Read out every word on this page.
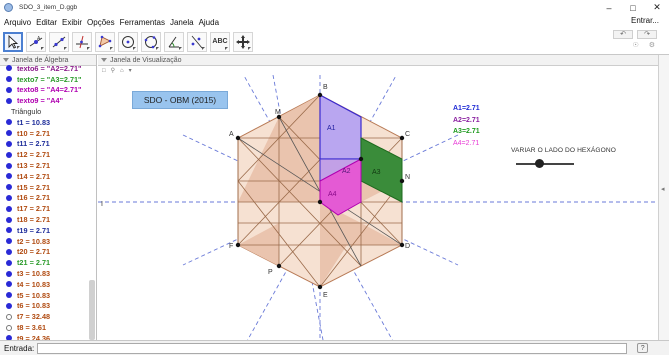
SDO_3_item_D.ggb	–	□	✕
Arquivo Editar Exibir Opções Ferramentas Janela Ajuda	Entrar...
A	ABC
↶	↷
☉ ⚙
Janela de Álgebra
texto6 = "A2=2.71"
texto7 = "A3=2.71"
texto8 = "A4=2.71"
texto9 = "A4"
Triângulo
t1 = 10.83
t10 = 2.71
t11 = 2.71
t12 = 2.71
t13 = 2.71
t14 = 2.71
t15 = 2.71
t16 = 2.71
t17 = 2.71
t18 = 2.71
t19 = 2.71
t2 = 10.83
t20 = 2.71
t21 = 2.71
t3 = 10.83
t4 = 10.83
t5 = 10.83
t6 = 10.83
t7 = 32.48
t8 = 3.61
t9 = 24.36
Janela de Visualização
□ ⚲ ⌂ ▾
A1
A2	A3
A4
B
M
A	C
N
F	D
P
E
I
SDO - OBM (2015)
A1=2.71
A2=2.71
A3=2.71
A4=2.71
VARIAR O LADO DO HEXÁGONO
◂
Entrada:	?
